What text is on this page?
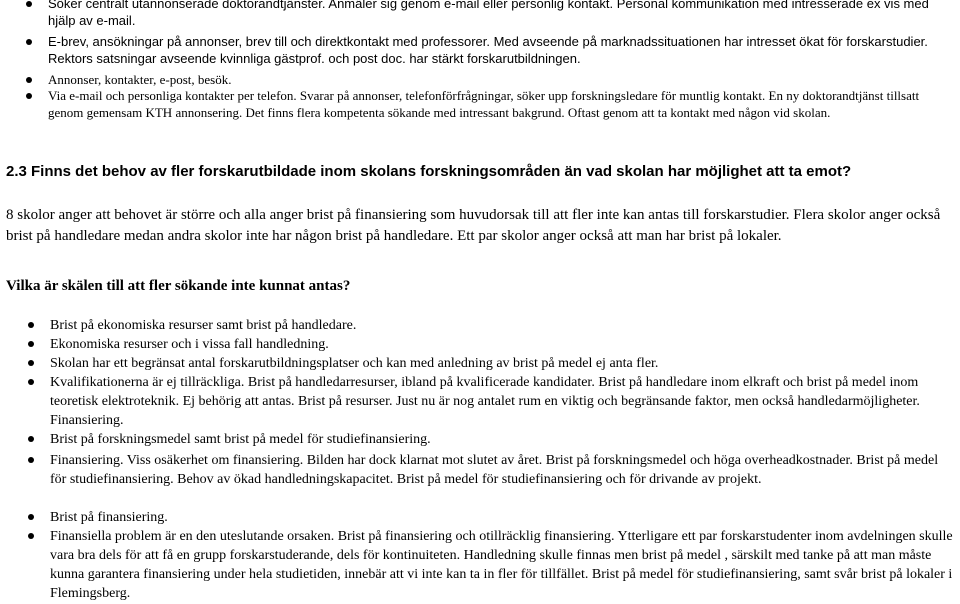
Söker centralt utannonserade doktorandtjänster. Anmäler sig genom e-mail eller personlig kontakt. Personal kommunikation med intresserade ex vis med hjälp av e-mail.
E-brev, ansökningar på annonser, brev till och direktkontakt med professorer. Med avseende på marknadssituationen har intresset ökat för forskarstudier. Rektors satsningar avseende kvinnliga gästprof. och post doc. har stärkt forskarutbildningen.
Annonser, kontakter, e-post, besök.
Via e-mail och personliga kontakter per telefon. Svarar på annonser, telefonförfrågningar, söker upp forskningsledare för muntlig kontakt. En ny doktorandtjänst tillsatt genom gemensam KTH annonsering. Det finns flera kompetenta sökande med intressant bakgrund. Oftast genom att ta kontakt med någon vid skolan.
2.3 Finns det behov av fler forskarutbildade inom skolans forskningsområden än vad skolan har möjlighet att ta emot?

8 skolor anger att behovet är större och alla anger brist på finansiering som huvudorsak till att fler inte kan antas till forskarstudier. Flera skolor anger också brist på handledare medan andra skolor inte har någon brist på handledare. Ett par skolor anger också att man har brist på lokaler.

Vilka är skälen till att fler sökande inte kunnat antas?

Brist på ekonomiska resurser samt brist på handledare.
Ekonomiska resurser och i vissa fall handledning.
Skolan har ett begränsat antal forskarutbildningsplatser och kan med anledning av brist på medel ej anta fler.
Kvalifikationerna är ej tillräckliga. Brist på handledarresurser, ibland på kvalificerade kandidater. Brist på handledare inom elkraft och brist på medel inom teoretisk elektroteknik. Ej behörig att antas. Brist på resurser. Just nu är nog antalet rum en viktig och begränsande faktor, men också handledarmöjligheter. Finansiering.
Brist på forskningsmedel samt brist på medel för studiefinansiering.
Finansiering. Viss osäkerhet om finansiering. Bilden har dock klarnat mot slutet av året. Brist på forskningsmedel och höga overheadkostnader. Brist på medel för studiefinansiering. Behov av ökad handledningskapacitet. Brist på medel för studiefinansiering och för drivande av projekt.
Brist på finansiering.
Finansiella problem är en den uteslutande orsaken. Brist på finansiering och otillräcklig finansiering. Ytterligare ett par forskarstudenter inom avdelningen skulle vara bra dels för att få en grupp forskarstuderande, dels för kontinuiteten. Handledning skulle finnas men brist på medel , särskilt med tanke på att man måste kunna garantera finansiering under hela studietiden, innebär att vi inte kan ta in fler för tillfället. Brist på medel för studiefinansiering, samt svår brist på lokaler i Flemingsberg.
